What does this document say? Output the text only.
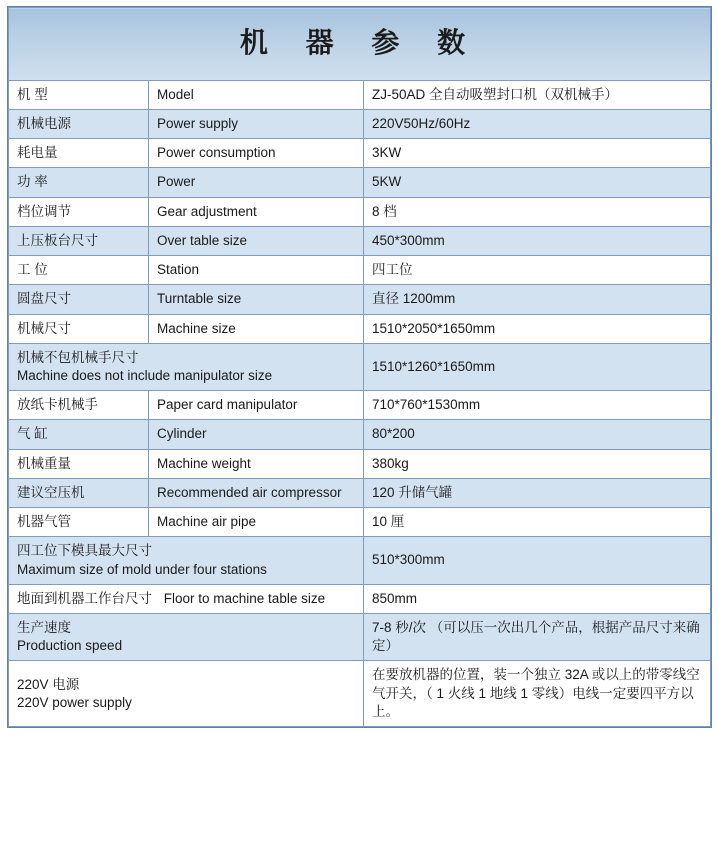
机 器 参 数		
机 型	Model	ZJ-50AD 全自动吸塑封口机（双机械手）
机械电源	Power supply	220V50Hz/60Hz
耗电量	Power consumption	3KW
功 率	Power	5KW
档位调节	Gear adjustment	8 档
上压板台尺寸	Over table size	450*300mm
工 位	Station	四工位
圆盘尺寸	Turntable size	直径 1200mm
机械尺寸	Machine size	1510*2050*1650mm

机械不包机械手尺寸
Machine does not include manipulator size		1510*1260*1650mm
放纸卡机械手	Paper card manipulator	710*760*1530mm
气 缸	Cylinder	80*200
机械重量	Machine weight	380kg
建议空压机	Recommended air compressor	120 升储气罐
机器气管	Machine air pipe	10 厘

四工位下模具最大尺寸
Maximum size of mold under four stations		510*300mm
地面到机器工作台尺寸 Floor to machine table size		850mm

生产速度
Production speed		7-8 秒/次 （可以压一次出几个产品，根据产品尺寸来确定）

220V 电源
220V power supply		在要放机器的位置，装一个独立 32A 或以上的带零线空气开关，（ 1 火线 1 地线 1 零线）电线一定要四平方以上。
